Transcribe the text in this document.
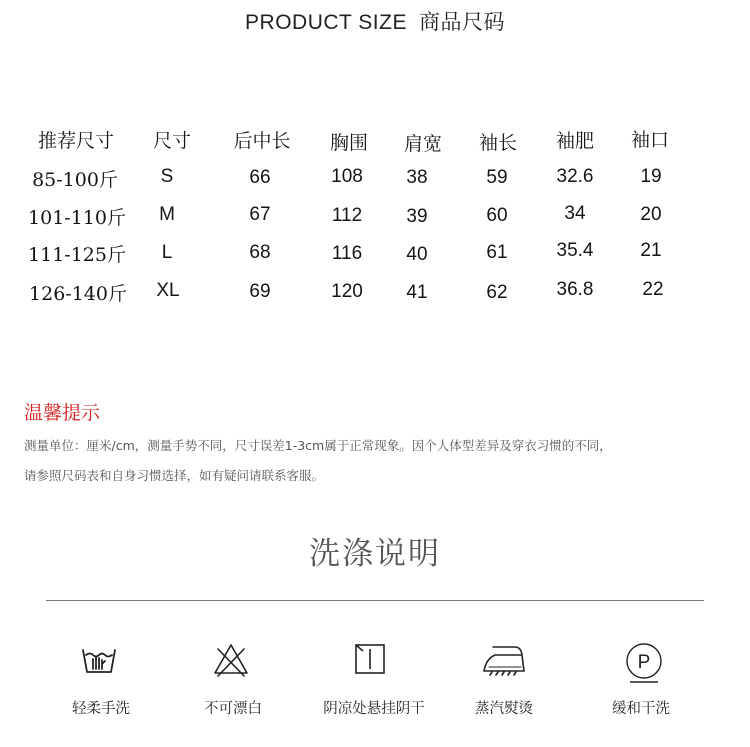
PRODUCT SIZE 商品尺码
推荐尺寸 尺寸 后中长 胸围 肩宽 袖长 袖肥 袖口
85-100斤 S	66	108 38	59	32.6 19
101-110斤 M	67	112 39	60	34	20
111-125斤 L	68	116 40	61	35.4 21
126-140斤 XL	69	120 41	62	36.8	22
温馨提示
测量单位：厘米/cm，测量手势不同，尺寸误差1-3cm属于正常现象。因个人体型差异及穿衣习惯的不同，
请参照尺码表和自身习惯选择，如有疑问请联系客服。
洗涤说明
P
轻柔手洗	不可漂白	阴凉处悬挂阴干	蒸汽熨烫	缓和干洗
